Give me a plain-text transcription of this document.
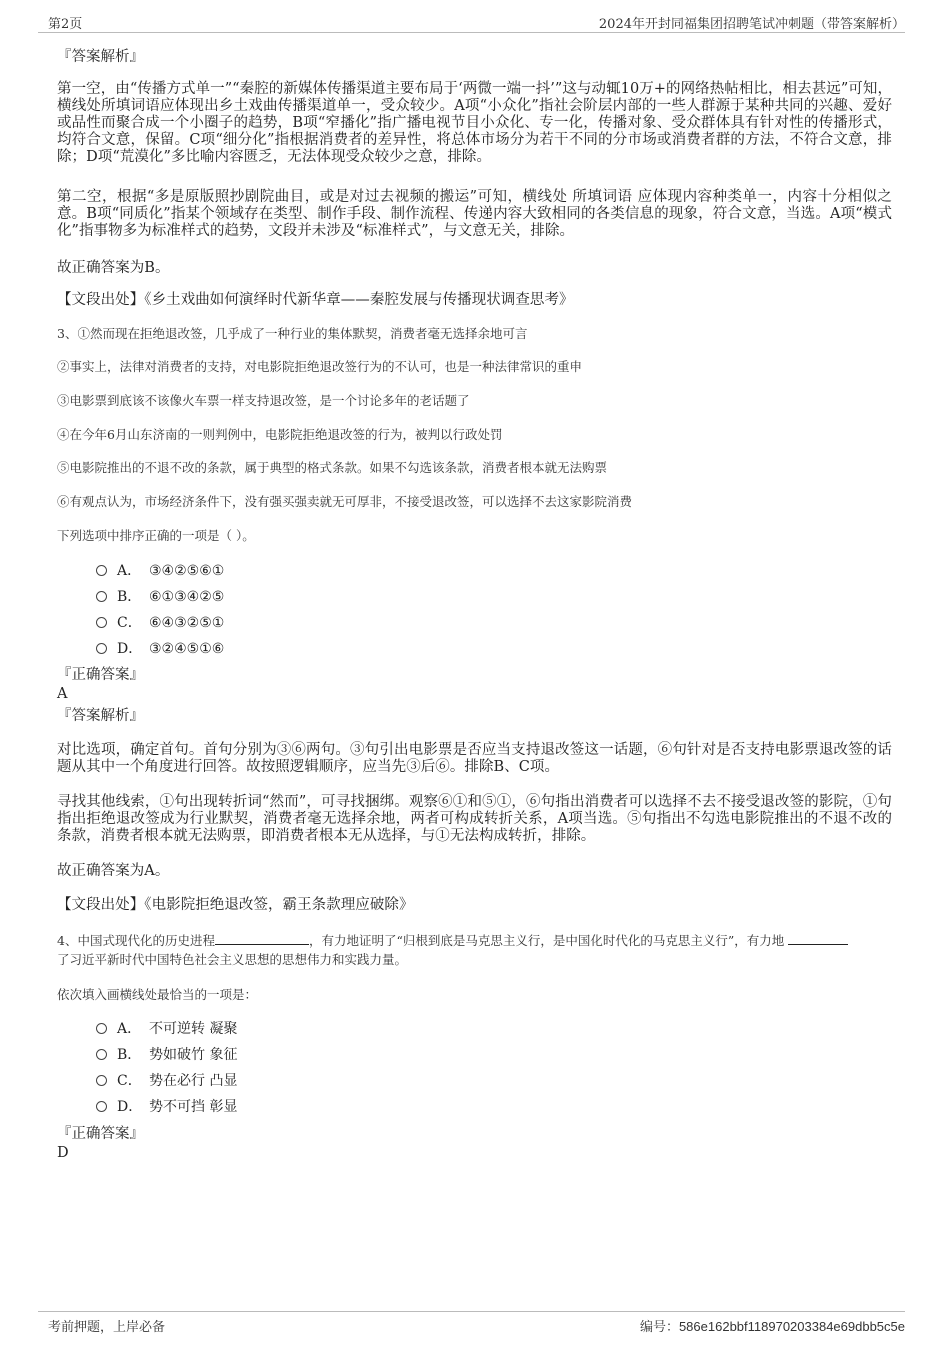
第2页	2024年开封同福集团招聘笔试冲刺题（带答案解析）
『答案解析』

第一空，由“传播方式单一”“秦腔的新媒体传播渠道主要布局于‘两微一端一抖’”这与动辄10万+的网络热帖相比，相去甚远”可知，横线处所填词语应体现出乡土戏曲传播渠道单一，受众较少。A项“小众化”指社会阶层内部的一些人群源于某种共同的兴趣、爱好或品性而聚合成一个小圈子的趋势，B项“窄播化”指广播电视节目小众化、专一化，传播对象、受众群体具有针对性的传播形式，均符合文意，保留。C项“细分化”指根据消费者的差异性，将总体市场分为若干不同的分市场或消费者群的方法，不符合文意，排除；D项“荒漠化”多比喻内容匮乏，无法体现受众较少之意，排除。

第二空，根据“多是原版照抄剧院曲目，或是对过去视频的搬运”可知，横线处 所填词语 应体现内容种类单一，内容十分相似之意。B项“同质化”指某个领域存在类型、制作手段、制作流程、传递内容大致相同的各类信息的现象，符合文意，当选。A项“模式化”指事物多为标准样式的趋势，文段并未涉及“标准样式”，与文意无关，排除。

故正确答案为B。
【文段出处】《乡土戏曲如何演绎时代新华章——秦腔发展与传播现状调查思考》
3、①然而现在拒绝退改签，几乎成了一种行业的集体默契，消费者毫无选择余地可言
②事实上，法律对消费者的支持，对电影院拒绝退改签行为的不认可，也是一种法律常识的重申
③电影票到底该不该像火车票一样支持退改签，是一个讨论多年的老话题了
④在今年6月山东济南的一则判例中，电影院拒绝退改签的行为，被判以行政处罚
⑤电影院推出的不退不改的条款，属于典型的格式条款。如果不勾选该条款，消费者根本就无法购票
⑥有观点认为，市场经济条件下，没有强买强卖就无可厚非，不接受退改签，可以选择不去这家影院消费
下列选项中排序正确的一项是（ ）。
A． ③④②⑤⑥①
B． ⑥①③④②⑤
C． ⑥④③②⑤①
D． ③②④⑤①⑥
『正确答案』
A
『答案解析』

对比选项，确定首句。首句分别为③⑥两句。③句引出电影票是否应当支持退改签这一话题，⑥句针对是否支持电影票退改签的话题从其中一个角度进行回答。故按照逻辑顺序，应当先③后⑥。排除B、C项。

寻找其他线索，①句出现转折词“然而”，可寻找捆绑。观察⑥①和⑤①，⑥句指出消费者可以选择不去不接受退改签的影院，①句指出拒绝退改签成为行业默契，消费者毫无选择余地，两者可构成转折关系，A项当选。⑤句指出不勾选电影院推出的不退不改的条款，消费者根本就无法购票，即消费者根本无从选择，与①无法构成转折，排除。

故正确答案为A。
【文段出处】《电影院拒绝退改签，霸王条款理应破除》
4、中国式现代化的历史进程	，有力地证明了“归根到底是马克思主义行，是中国化时代化的马克思主义行”，有力地
了习近平新时代中国特色社会主义思想的思想伟力和实践力量。
依次填入画横线处最恰当的一项是：
A． 不可逆转 凝聚
B． 势如破竹 象征
C． 势在必行 凸显
D． 势不可挡 彰显
『正确答案』
D
考前押题，上岸必备	编号：586e162bbf118970203384e69dbb5c5e
